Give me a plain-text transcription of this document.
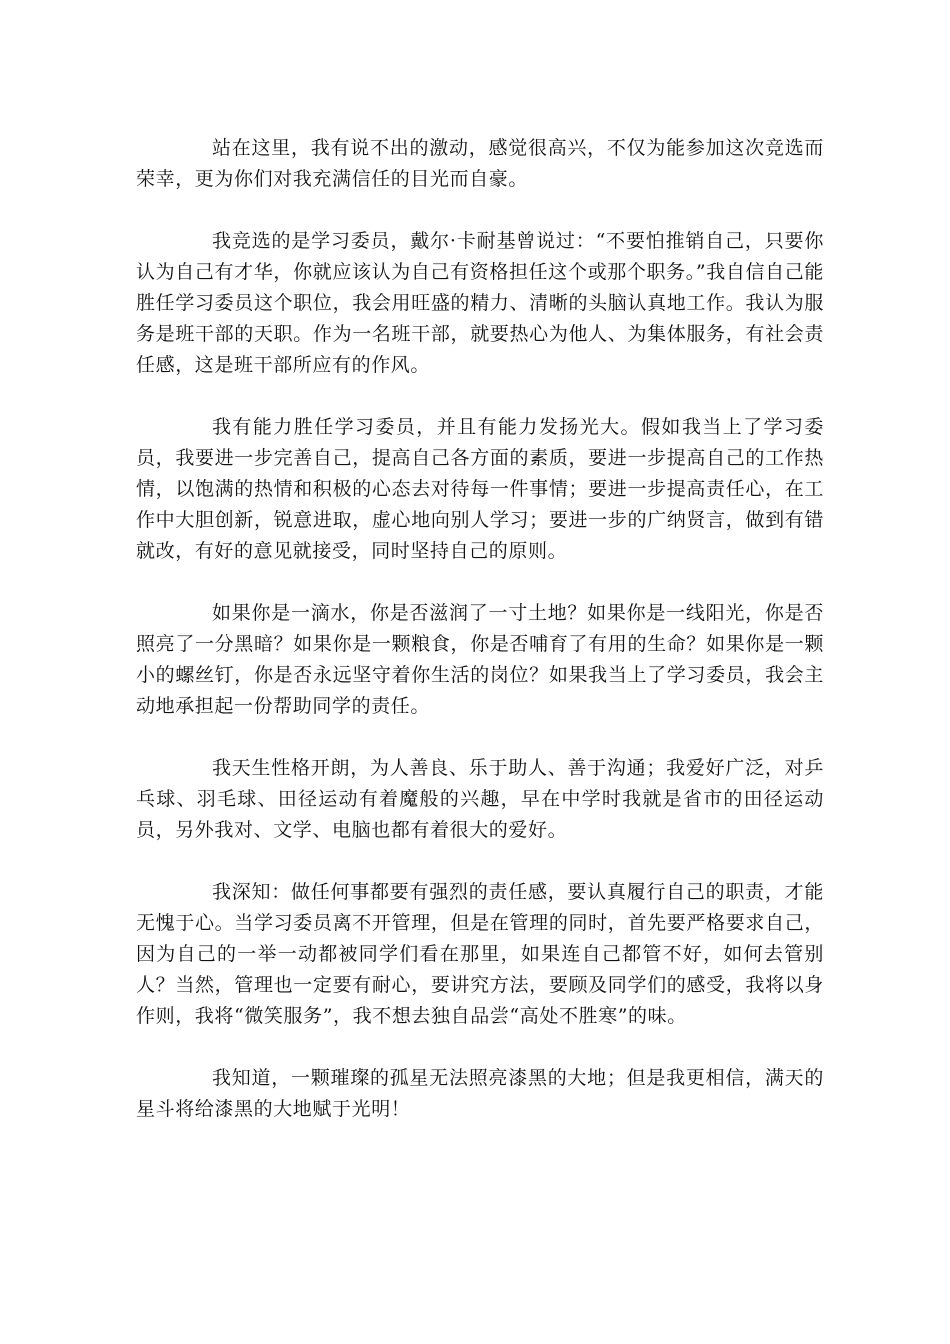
站在这里，我有说不出的激动，感觉很高兴，不仅为能参加这次竞选而荣幸，更为你们对我充满信任的目光而自豪。

我竞选的是学习委员，戴尔·卡耐基曾说过：“不要怕推销自己，只要你认为自己有才华，你就应该认为自己有资格担任这个或那个职务。”我自信自己能胜任学习委员这个职位，我会用旺盛的精力、清晰的头脑认真地工作。我认为服务是班干部的天职。作为一名班干部，就要热心为他人、为集体服务，有社会责任感，这是班干部所应有的作风。

我有能力胜任学习委员，并且有能力发扬光大。假如我当上了学习委员，我要进一步完善自己，提高自己各方面的素质，要进一步提高自己的工作热情，以饱满的热情和积极的心态去对待每一件事情；要进一步提高责任心，在工作中大胆创新，锐意进取，虚心地向别人学习；要进一步的广纳贤言，做到有错就改，有好的意见就接受，同时坚持自己的原则。

如果你是一滴水，你是否滋润了一寸土地？如果你是一线阳光，你是否照亮了一分黑暗？如果你是一颗粮食，你是否哺育了有用的生命？如果你是一颗小的螺丝钉，你是否永远坚守着你生活的岗位？如果我当上了学习委员，我会主动地承担起一份帮助同学的责任。

我天生性格开朗，为人善良、乐于助人、善于沟通；我爱好广泛，对乒乓球、羽毛球、田径运动有着魔般的兴趣，早在中学时我就是省市的田径运动员，另外我对、文学、电脑也都有着很大的爱好。

我深知：做任何事都要有强烈的责任感，要认真履行自己的职责，才能无愧于心。当学习委员离不开管理，但是在管理的同时，首先要严格要求自己，因为自己的一举一动都被同学们看在那里，如果连自己都管不好，如何去管别人？当然，管理也一定要有耐心，要讲究方法，要顾及同学们的感受，我将以身作则，我将“微笑服务”，我不想去独自品尝“高处不胜寒”的味。

我知道，一颗璀璨的孤星无法照亮漆黑的大地；但是我更相信，满天的星斗将给漆黑的大地赋于光明！
